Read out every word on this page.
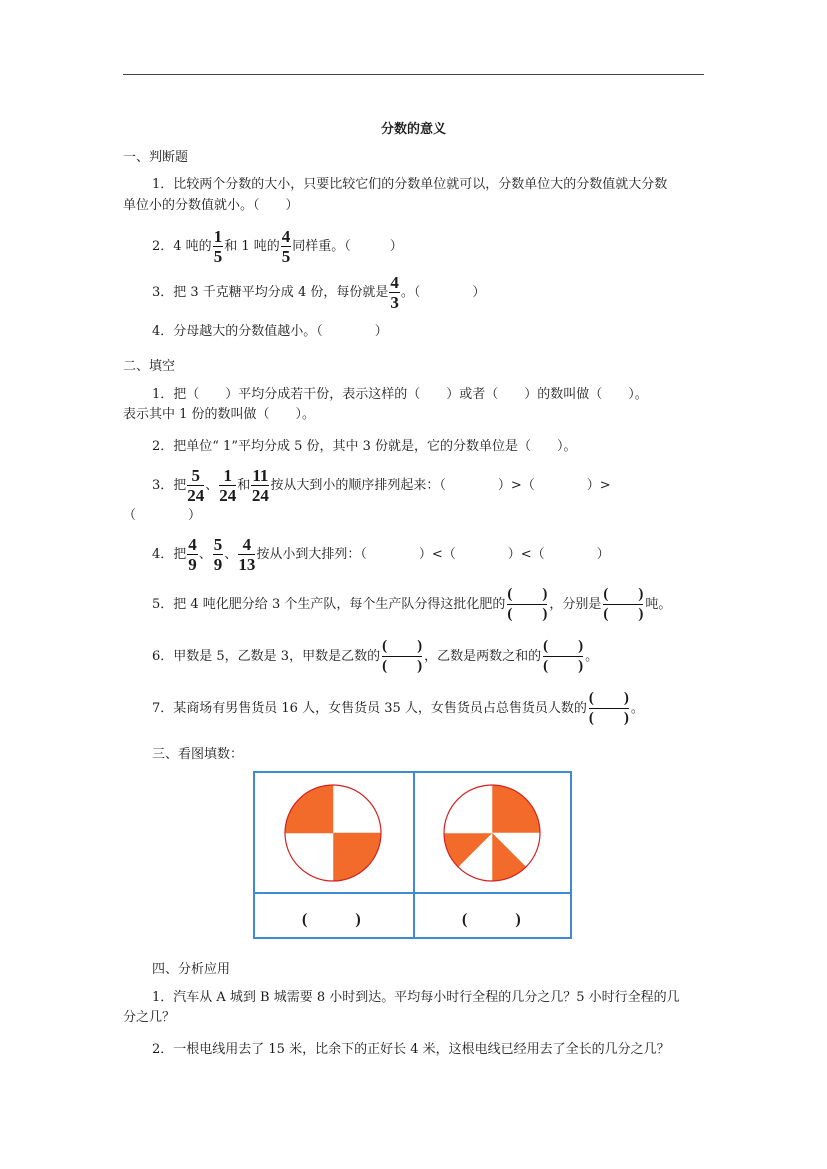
分数的意义
一、判断题
1．比较两个分数的大小，只要比较它们的分数单位就可以，分数单位大的分数值就大分数
单位小的分数值就小。（　　）
2．4 吨的 $\frac{1}{5}$ 和 1 吨的 $\frac{4}{5}$ 同样重。（　　　）
3．把 3 千克糖平均分成 4 份，每份就是 $\frac{4}{3}$ 。（　　　　）
4．分母越大的分数值越小。（　　　　）
二、填空
1．把（　　）平均分成若干份，表示这样的（　　）或者（　　）的数叫做（　　）。
表示其中 1 份的数叫做（　　）。
2．把单位“ 1”平均分成 5 份，其中 3 份就是，它的分数单位是（　　）。
3．把 $\frac{5}{24}$ 、 $\frac{1}{24}$ 和 $\frac{11}{24}$ 按从大到小的顺序排列起来：（　　　　）>（　　　　）>
（　　　　）
4．把 $\frac{4}{9}$ 、 $\frac{5}{9}$ 、 $\frac{4}{13}$ 按从小到大排列：（　　　　）<（　　　　）<（　　　　）
5．把 4 吨化肥分给 3 个生产队，每个生产队分得这批化肥的 $\frac{( )}{( )}$ ，分别是 $\frac{( )}{( )}$ 吨。
6．甲数是 5，乙数是 3，甲数是乙数的 $\frac{( )}{( )}$ ，乙数是两数之和的 $\frac{( )}{( )}$ 。
7．某商场有男售货员 16 人，女售货员 35 人，女售货员占总售货员人数的 $\frac{( )}{( )}$ 。
三、看图填数：
(　　　)	(　　　)
四、分析应用
1．汽车从 A 城到 B 城需要 8 小时到达。平均每小时行全程的几分之几？5 小时行全程的几
分之几？
2．一根电线用去了 15 米，比余下的正好长 4 米，这根电线已经用去了全长的几分之几？
